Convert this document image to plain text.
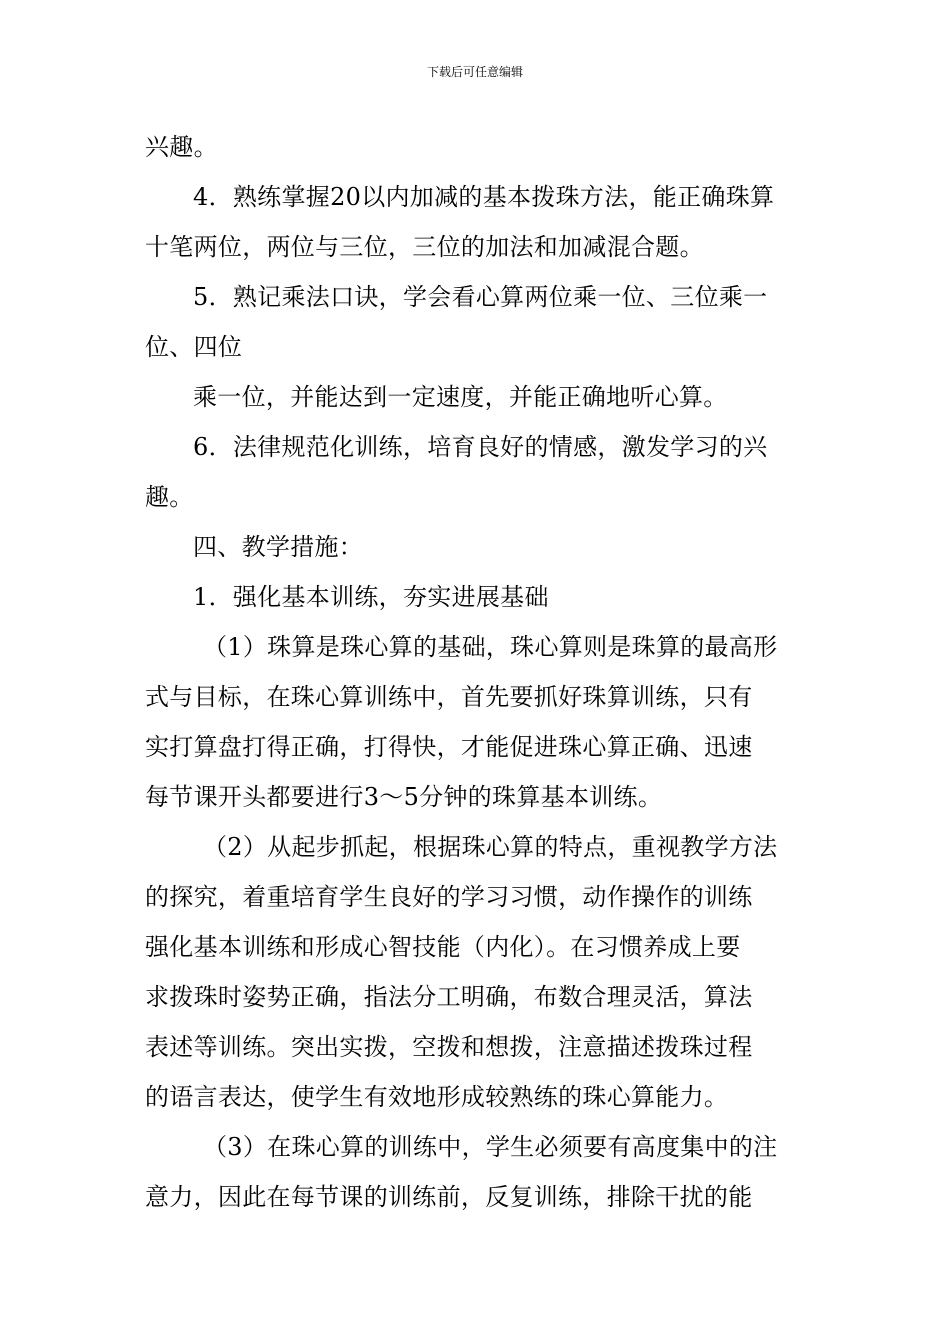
下载后可任意编辑

兴趣。

4．熟练掌握20以内加减的基本拨珠方法，能正确珠算

十笔两位，两位与三位，三位的加法和加减混合题。

5．熟记乘法口诀，学会看心算两位乘一位、三位乘一

位、四位

乘一位，并能达到一定速度，并能正确地听心算。

6．法律规范化训练，培育良好的情感，激发学习的兴

趣。

四、教学措施：

1．强化基本训练，夯实进展基础

（1）珠算是珠心算的基础，珠心算则是珠算的最高形

式与目标，在珠心算训练中，首先要抓好珠算训练，只有

实打算盘打得正确，打得快，才能促进珠心算正确、迅速

每节课开头都要进行3～5分钟的珠算基本训练。

（2）从起步抓起，根据珠心算的特点，重视教学方法

的探究，着重培育学生良好的学习习惯，动作操作的训练

强化基本训练和形成心智技能（内化）。在习惯养成上要

求拨珠时姿势正确，指法分工明确，布数合理灵活，算法

表述等训练。突出实拨，空拨和想拨，注意描述拨珠过程

的语言表达，使学生有效地形成较熟练的珠心算能力。

（3）在珠心算的训练中，学生必须要有高度集中的注

意力，因此在每节课的训练前，反复训练，排除干扰的能
